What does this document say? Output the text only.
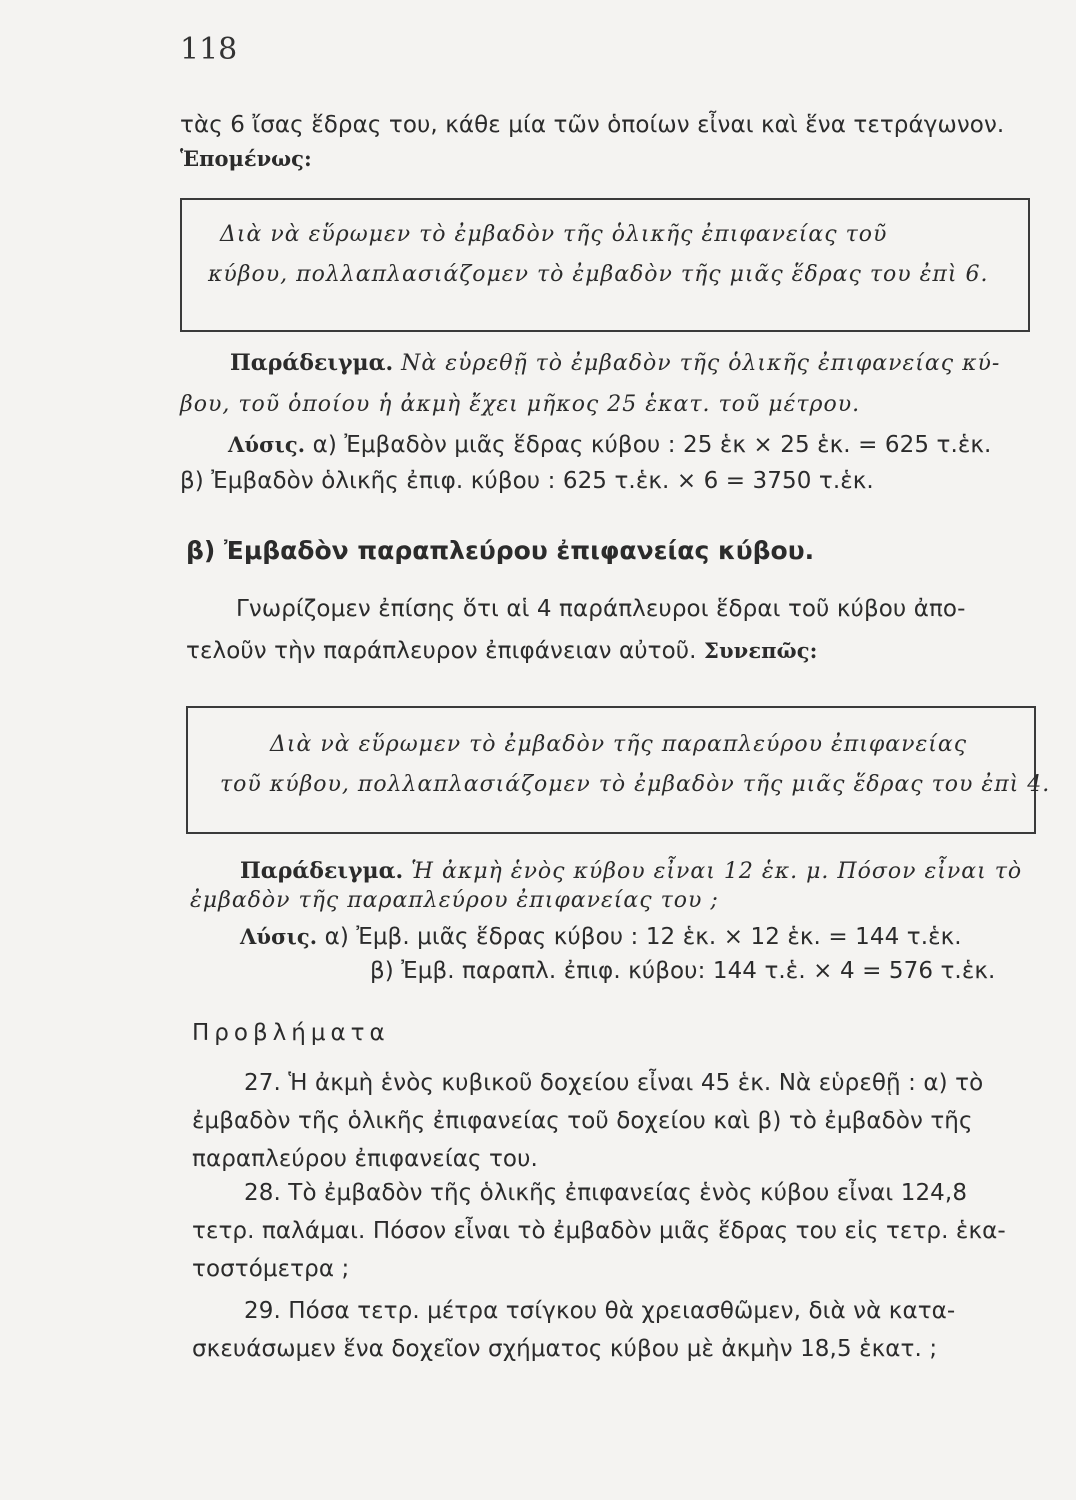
118
τὰς 6 ἴσας ἕδρας του, κάθε μία τῶν ὁποίων εἶναι καὶ ἕνα τετράγωνον.
Ἑπομένως:
Διὰ νὰ εὕρωμεν τὸ ἐμβαδὸν τῆς ὁλικῆς ἐπιφανείας τοῦ
κύβου, πολλαπλασιάζομεν τὸ ἐμβαδὸν τῆς μιᾶς ἕδρας του ἐπὶ 6.
Παράδειγμα. Νὰ εὑρεθῇ τὸ ἐμβαδὸν τῆς ὁλικῆς ἐπιφανείας κύ-
βου, τοῦ ὁποίου ἡ ἀκμὴ ἔχει μῆκος 25 ἑκατ. τοῦ μέτρου.
Λύσις. α) Ἐμβαδὸν μιᾶς ἕδρας κύβου : 25 ἑκ × 25 ἑκ. = 625 τ.ἑκ.
β) Ἐμβαδὸν ὁλικῆς ἐπιφ. κύβου : 625 τ.ἑκ. × 6 = 3750 τ.ἑκ.
β) Ἐμβαδὸν παραπλεύρου ἐπιφανείας κύβου.
Γνωρίζομεν ἐπίσης ὅτι αἱ 4 παράπλευροι ἕδραι τοῦ κύβου ἀπο-
τελοῦν τὴν παράπλευρον ἐπιφάνειαν αὐτοῦ. Συνεπῶς:
Διὰ νὰ εὕρωμεν τὸ ἐμβαδὸν τῆς παραπλεύρου ἐπιφανείας
τοῦ κύβου, πολλαπλασιάζομεν τὸ ἐμβαδὸν τῆς μιᾶς ἕδρας του ἐπὶ 4.
Παράδειγμα. Ἡ ἀκμὴ ἑνὸς κύβου εἶναι 12 ἑκ. μ. Πόσον εἶναι τὸ
ἐμβαδὸν τῆς παραπλεύρου ἐπιφανείας του ;
Λύσις. α) Ἐμβ. μιᾶς ἕδρας κύβου : 12 ἑκ. × 12 ἑκ. = 144 τ.ἑκ.
β) Ἐμβ. παραπλ. ἐπιφ. κύβου: 144 τ.ἑ. × 4 = 576 τ.ἑκ.
Προβλήματα
27. Ἡ ἀκμὴ ἑνὸς κυβικοῦ δοχείου εἶναι 45 ἑκ. Νὰ εὑρεθῇ : α) τὸ
ἐμβαδὸν τῆς ὁλικῆς ἐπιφανείας τοῦ δοχείου καὶ β) τὸ ἐμβαδὸν τῆς
παραπλεύρου ἐπιφανείας του.
28. Τὸ ἐμβαδὸν τῆς ὁλικῆς ἐπιφανείας ἑνὸς κύβου εἶναι 124,8
τετρ. παλάμαι. Πόσον εἶναι τὸ ἐμβαδὸν μιᾶς ἕδρας του εἰς τετρ. ἑκα-
τοστόμετρα ;
29. Πόσα τετρ. μέτρα τσίγκου θὰ χρειασθῶμεν, διὰ νὰ κατα-
σκευάσωμεν ἕνα δοχεῖον σχήματος κύβου μὲ ἀκμὴν 18,5 ἑκατ. ;
